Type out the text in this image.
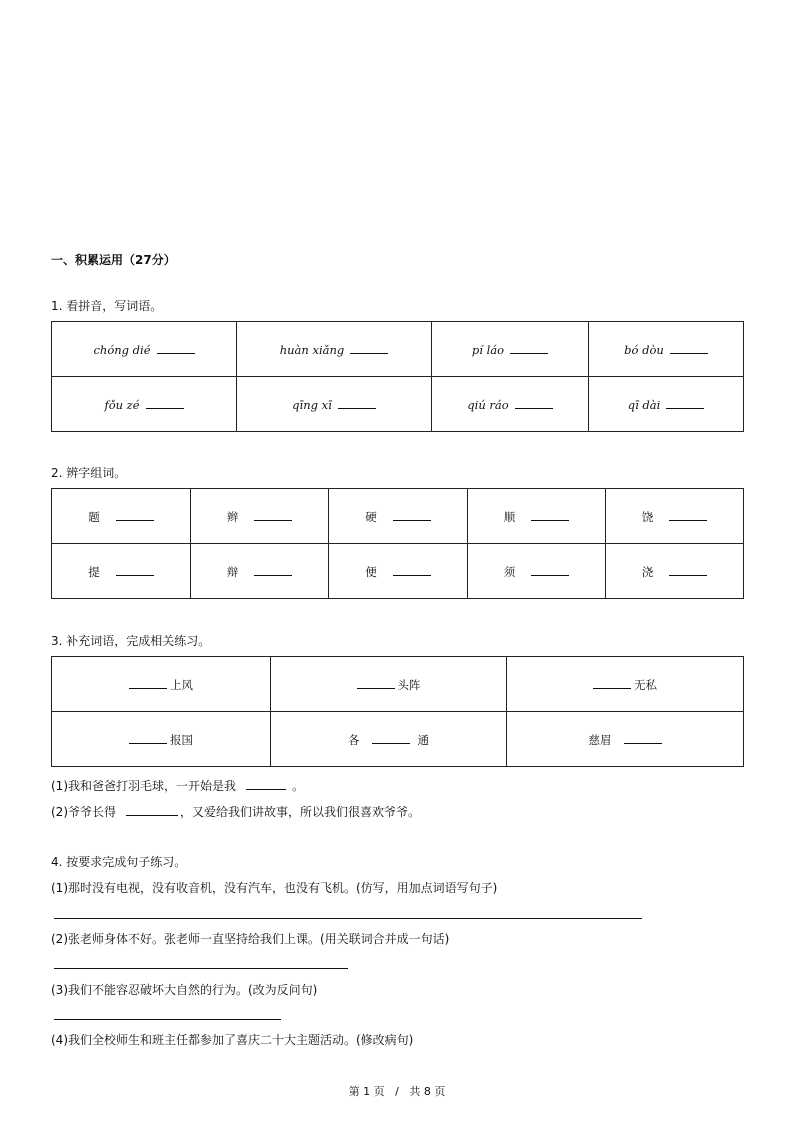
一、积累运用（27分）
1. 看拼音，写词语。
chóng dié	huàn xiǎng	pí láo	bó dòu
fǒu zé	qīng xī	qiú ráo	qī dài
2. 辨字组词。
题	辫	硬	顺	饶
提	辩	便	须	浇
3. 补充词语，完成相关练习。
上风	头阵	无私
报国	各 通	慈眉
(1)我和爸爸打羽毛球，一开始是我	。
(2)爷爷长得	，又爱给我们讲故事，所以我们很喜欢爷爷。
4. 按要求完成句子练习。
(1)那时没有电视，没有收音机，没有汽车，也没有飞机。(仿写，用加点词语写句子)
(2)张老师身体不好。张老师一直坚持给我们上课。(用关联词合并成一句话)
(3)我们不能容忍破坏大自然的行为。(改为反问句)
(4)我们全校师生和班主任都参加了喜庆二十大主题活动。(修改病句)
第 1 页   /   共 8 页
